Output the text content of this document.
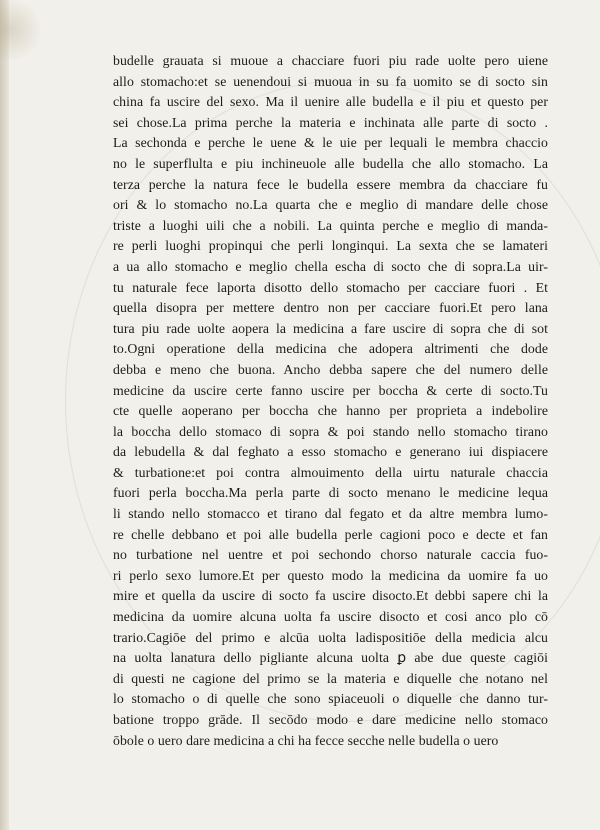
budelle grauata si muoue a chacciare fuori piu rade uolte pero uiene
allo stomacho:et se uenendoui si muoua in su fa uomito se di socto sin
china fa uscire del sexo. Ma il uenire alle budella e il piu et questo per
sei chose.La prima perche la materia e inchinata alle parte di socto .
La sechonda e perche le uene & le uie per lequali le membra chaccio
no le superflulta e piu inchineuole alle budella che allo stomacho. La
terza perche la natura fece le budella essere membra da chacciare fu
ori & lo stomacho no.La quarta che e meglio di mandare delle chose
triste a luoghi uili che a nobili. La quinta perche e meglio di manda-
re perli luoghi propinqui che perli longinqui. La sexta che se lamateri
a ua allo stomacho e meglio chella escha di socto che di sopra.La uir-
tu naturale fece laporta disotto dello stomacho per cacciare fuori . Et
quella disopra per mettere dentro non per cacciare fuori.Et pero lana
tura piu rade uolte aopera la medicina a fare uscire di sopra che di sot
to.Ogni operatione della medicina che adopera altrimenti che dode
debba e meno che buona. Ancho debba sapere che del numero delle
medicine da uscire certe fanno uscire per boccha & certe di socto.Tu
cte quelle aoperano per boccha che hanno per proprieta a indebolire
la boccha dello stomaco di sopra & poi stando nello stomacho tirano
da lebudella & dal feghato a esso stomacho e generano iui dispiacere
& turbatione:et poi contra almouimento della uirtu naturale chaccia
fuori perla boccha.Ma perla parte di socto menano le medicine lequa
li stando nello stomacco et tirano dal fegato et da altre membra lumo-
re chelle debbano et poi alle budella perle cagioni poco e decte et fan
no turbatione nel uentre et poi sechondo chorso naturale caccia fuo-
ri perlo sexo lumore.Et per questo modo la medicina da uomire fa uo
mire et quella da uscire di socto fa uscire disocto.Et debbi sapere chi la
medicina da uomire alcuna uolta fa uscire disocto et cosi anco plo cō
trario.Cagiōe del primo e alcūa uolta ladispositiōe della medicia alcu
na uolta lanatura dello pigliante alcuna uolta ꝑ abe due queste cagiōi
di questi ne cagione del primo se la materia e diquelle che notano nel
lo stomacho o di quelle che sono spiaceuoli o diquelle che danno tur-
batione troppo grāde. Il secōdo modo e dare medicine nello stomaco
ōbole o uero dare medicina a chi ha fecce secche nelle budella o uero
